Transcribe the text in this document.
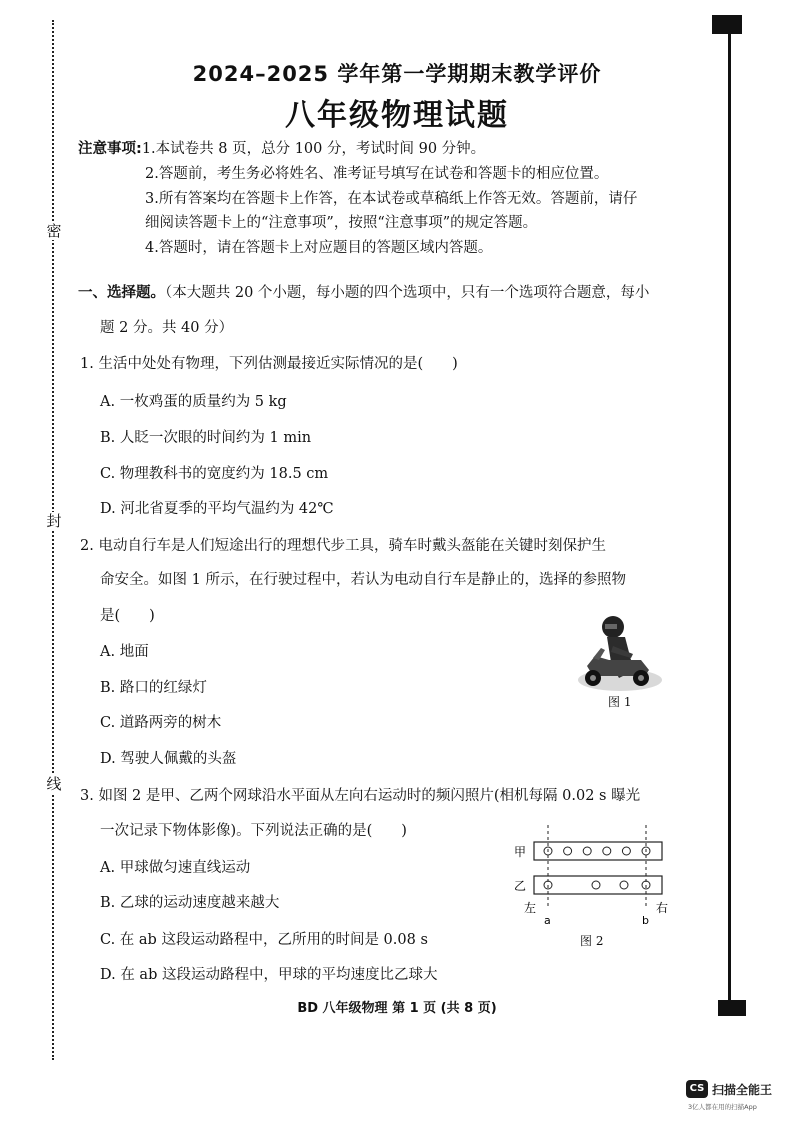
密
封
线
2024–2025 学年第一学期期末教学评价
八年级物理试题
注意事项:1.本试卷共 8 页，总分 100 分，考试时间 90 分钟。
2.答题前，考生务必将姓名、准考证号填写在试卷和答题卡的相应位置。
3.所有答案均在答题卡上作答，在本试卷或草稿纸上作答无效。答题前，请仔
细阅读答题卡上的“注意事项”，按照“注意事项”的规定答题。
4.答题时，请在答题卡上对应题目的答题区域内答题。
一、选择题。（本大题共 20 个小题，每小题的四个选项中，只有一个选项符合题意，每小
题 2 分。共 40 分）
1. 生活中处处有物理，下列估测最接近实际情况的是(　　)
A. 一枚鸡蛋的质量约为 5 kg
B. 人眨一次眼的时间约为 1 min
C. 物理教科书的宽度约为 18.5 cm
D. 河北省夏季的平均气温约为 42℃
2. 电动自行车是人们短途出行的理想代步工具，骑车时戴头盔能在关键时刻保护生
命安全。如图 1 所示，在行驶过程中，若认为电动自行车是静止的，选择的参照物
是(　　)
A. 地面
B. 路口的红绿灯
C. 道路两旁的树木
D. 驾驶人佩戴的头盔
图 1
3. 如图 2 是甲、乙两个网球沿水平面从左向右运动时的频闪照片(相机每隔 0.02 s 曝光
一次记录下物体影像)。下列说法正确的是(　　)
A. 甲球做匀速直线运动
B. 乙球的运动速度越来越大
C. 在 ab 这段运动路程中，乙所用的时间是 0.08 s
D. 在 ab 这段运动路程中，甲球的平均速度比乙球大
甲
乙
左	右
a	b
图 2
BD 八年级物理 第 1 页 (共 8 页)
CS 扫描全能王
3亿人都在用的扫描App
